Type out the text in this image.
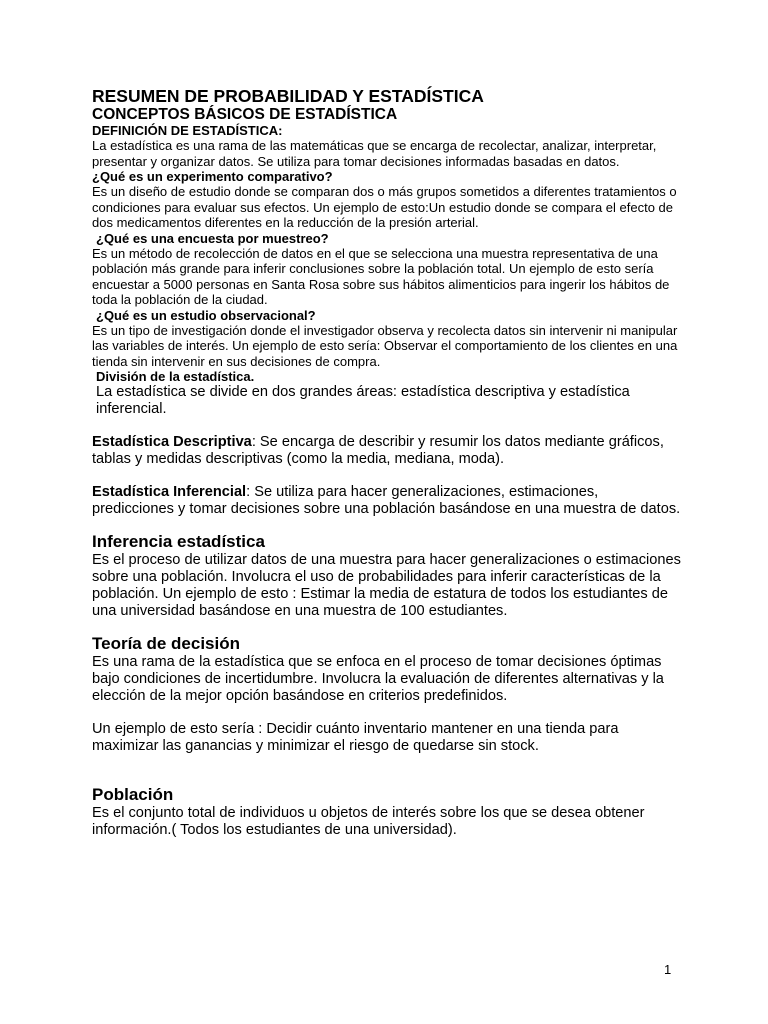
RESUMEN DE PROBABILIDAD Y ESTADÍSTICA
CONCEPTOS BÁSICOS DE ESTADÍSTICA
DEFINICIÓN DE ESTADÍSTICA:

La estadística es una rama de las matemáticas que se encarga de recolectar, analizar, interpretar, presentar y organizar datos. Se utiliza para tomar decisiones informadas basadas en datos.

¿Qué es un experimento comparativo?

Es un diseño de estudio donde se comparan dos o más grupos sometidos a diferentes tratamientos o condiciones para evaluar sus efectos. Un ejemplo de esto:Un estudio donde se compara el efecto de dos medicamentos diferentes en la reducción de la presión arterial.

¿Qué es una encuesta por muestreo?

Es un método de recolección de datos en el que se selecciona una muestra representativa de una población más grande para inferir conclusiones sobre la población total. Un ejemplo de esto sería encuestar a 5000 personas en Santa Rosa sobre sus hábitos alimenticios para ingerir los hábitos de toda la población de la ciudad.

¿Qué es un estudio observacional?

Es un tipo de investigación donde el investigador observa y recolecta datos sin intervenir ni manipular las variables de interés. Un ejemplo de esto sería: Observar el comportamiento de los clientes en una tienda sin intervenir en sus decisiones de compra.

División de la estadística.

La estadística se divide en dos grandes áreas: estadística descriptiva y estadística inferencial.

Estadística Descriptiva: Se encarga de describir y resumir los datos mediante gráficos, tablas y medidas descriptivas (como la media, mediana, moda).

Estadística Inferencial: Se utiliza para hacer generalizaciones, estimaciones, predicciones y tomar decisiones sobre una población basándose en una muestra de datos.

Inferencia estadística

Es el proceso de utilizar datos de una muestra para hacer generalizaciones o estimaciones sobre una población. Involucra el uso de probabilidades para inferir características de la población. Un ejemplo de esto : Estimar la media de estatura de todos los estudiantes de una universidad basándose en una muestra de 100 estudiantes.

Teoría de decisión

Es una rama de la estadística que se enfoca en el proceso de tomar decisiones óptimas bajo condiciones de incertidumbre. Involucra la evaluación de diferentes alternativas y la elección de la mejor opción basándose en criterios predefinidos.

Un ejemplo de esto sería : Decidir cuánto inventario mantener en una tienda para maximizar las ganancias y minimizar el riesgo de quedarse sin stock.

Población

Es el conjunto total de individuos u objetos de interés sobre los que se desea obtener información.( Todos los estudiantes de una universidad).

1
